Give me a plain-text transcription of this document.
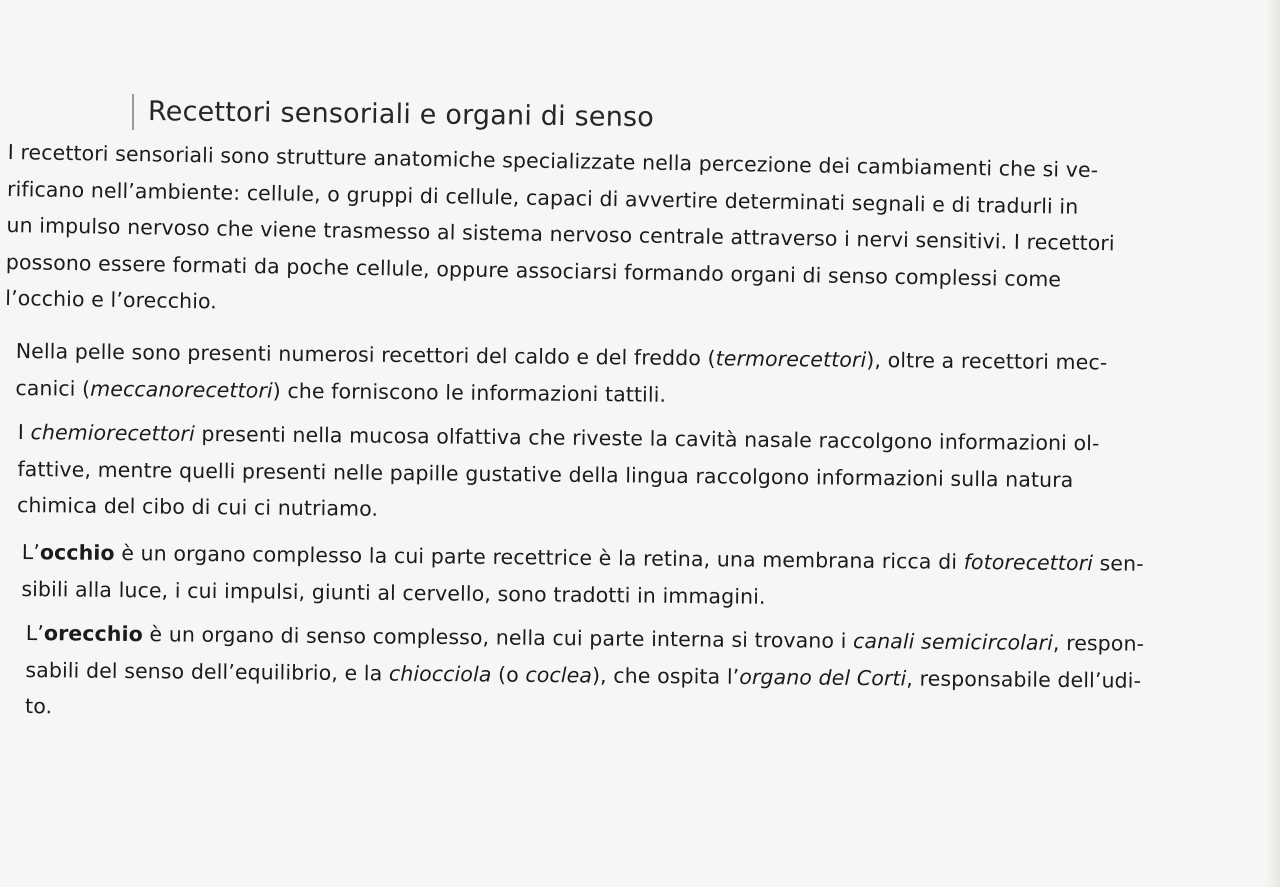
Recettori sensoriali e organi di senso
I recettori sensoriali sono strutture anatomiche specializzate nella percezione dei cambiamenti che si ve-
rificano nell’ambiente: cellule, o gruppi di cellule, capaci di avvertire determinati segnali e di tradurli in
un impulso nervoso che viene trasmesso al sistema nervoso centrale attraverso i nervi sensitivi. I recettori
possono essere formati da poche cellule, oppure associarsi formando organi di senso complessi come
l’occhio e l’orecchio.
Nella pelle sono presenti numerosi recettori del caldo e del freddo (termorecettori), oltre a recettori mec-
canici (meccanorecettori) che forniscono le informazioni tattili.
I chemiorecettori presenti nella mucosa olfattiva che riveste la cavità nasale raccolgono informazioni ol-
fattive, mentre quelli presenti nelle papille gustative della lingua raccolgono informazioni sulla natura
chimica del cibo di cui ci nutriamo.
L’occhio è un organo complesso la cui parte recettrice è la retina, una membrana ricca di fotorecettori sen-
sibili alla luce, i cui impulsi, giunti al cervello, sono tradotti in immagini.
L’orecchio è un organo di senso complesso, nella cui parte interna si trovano i canali semicircolari, respon-
sabili del senso dell’equilibrio, e la chiocciola (o coclea), che ospita l’organo del Corti, responsabile dell’udi-
to.
